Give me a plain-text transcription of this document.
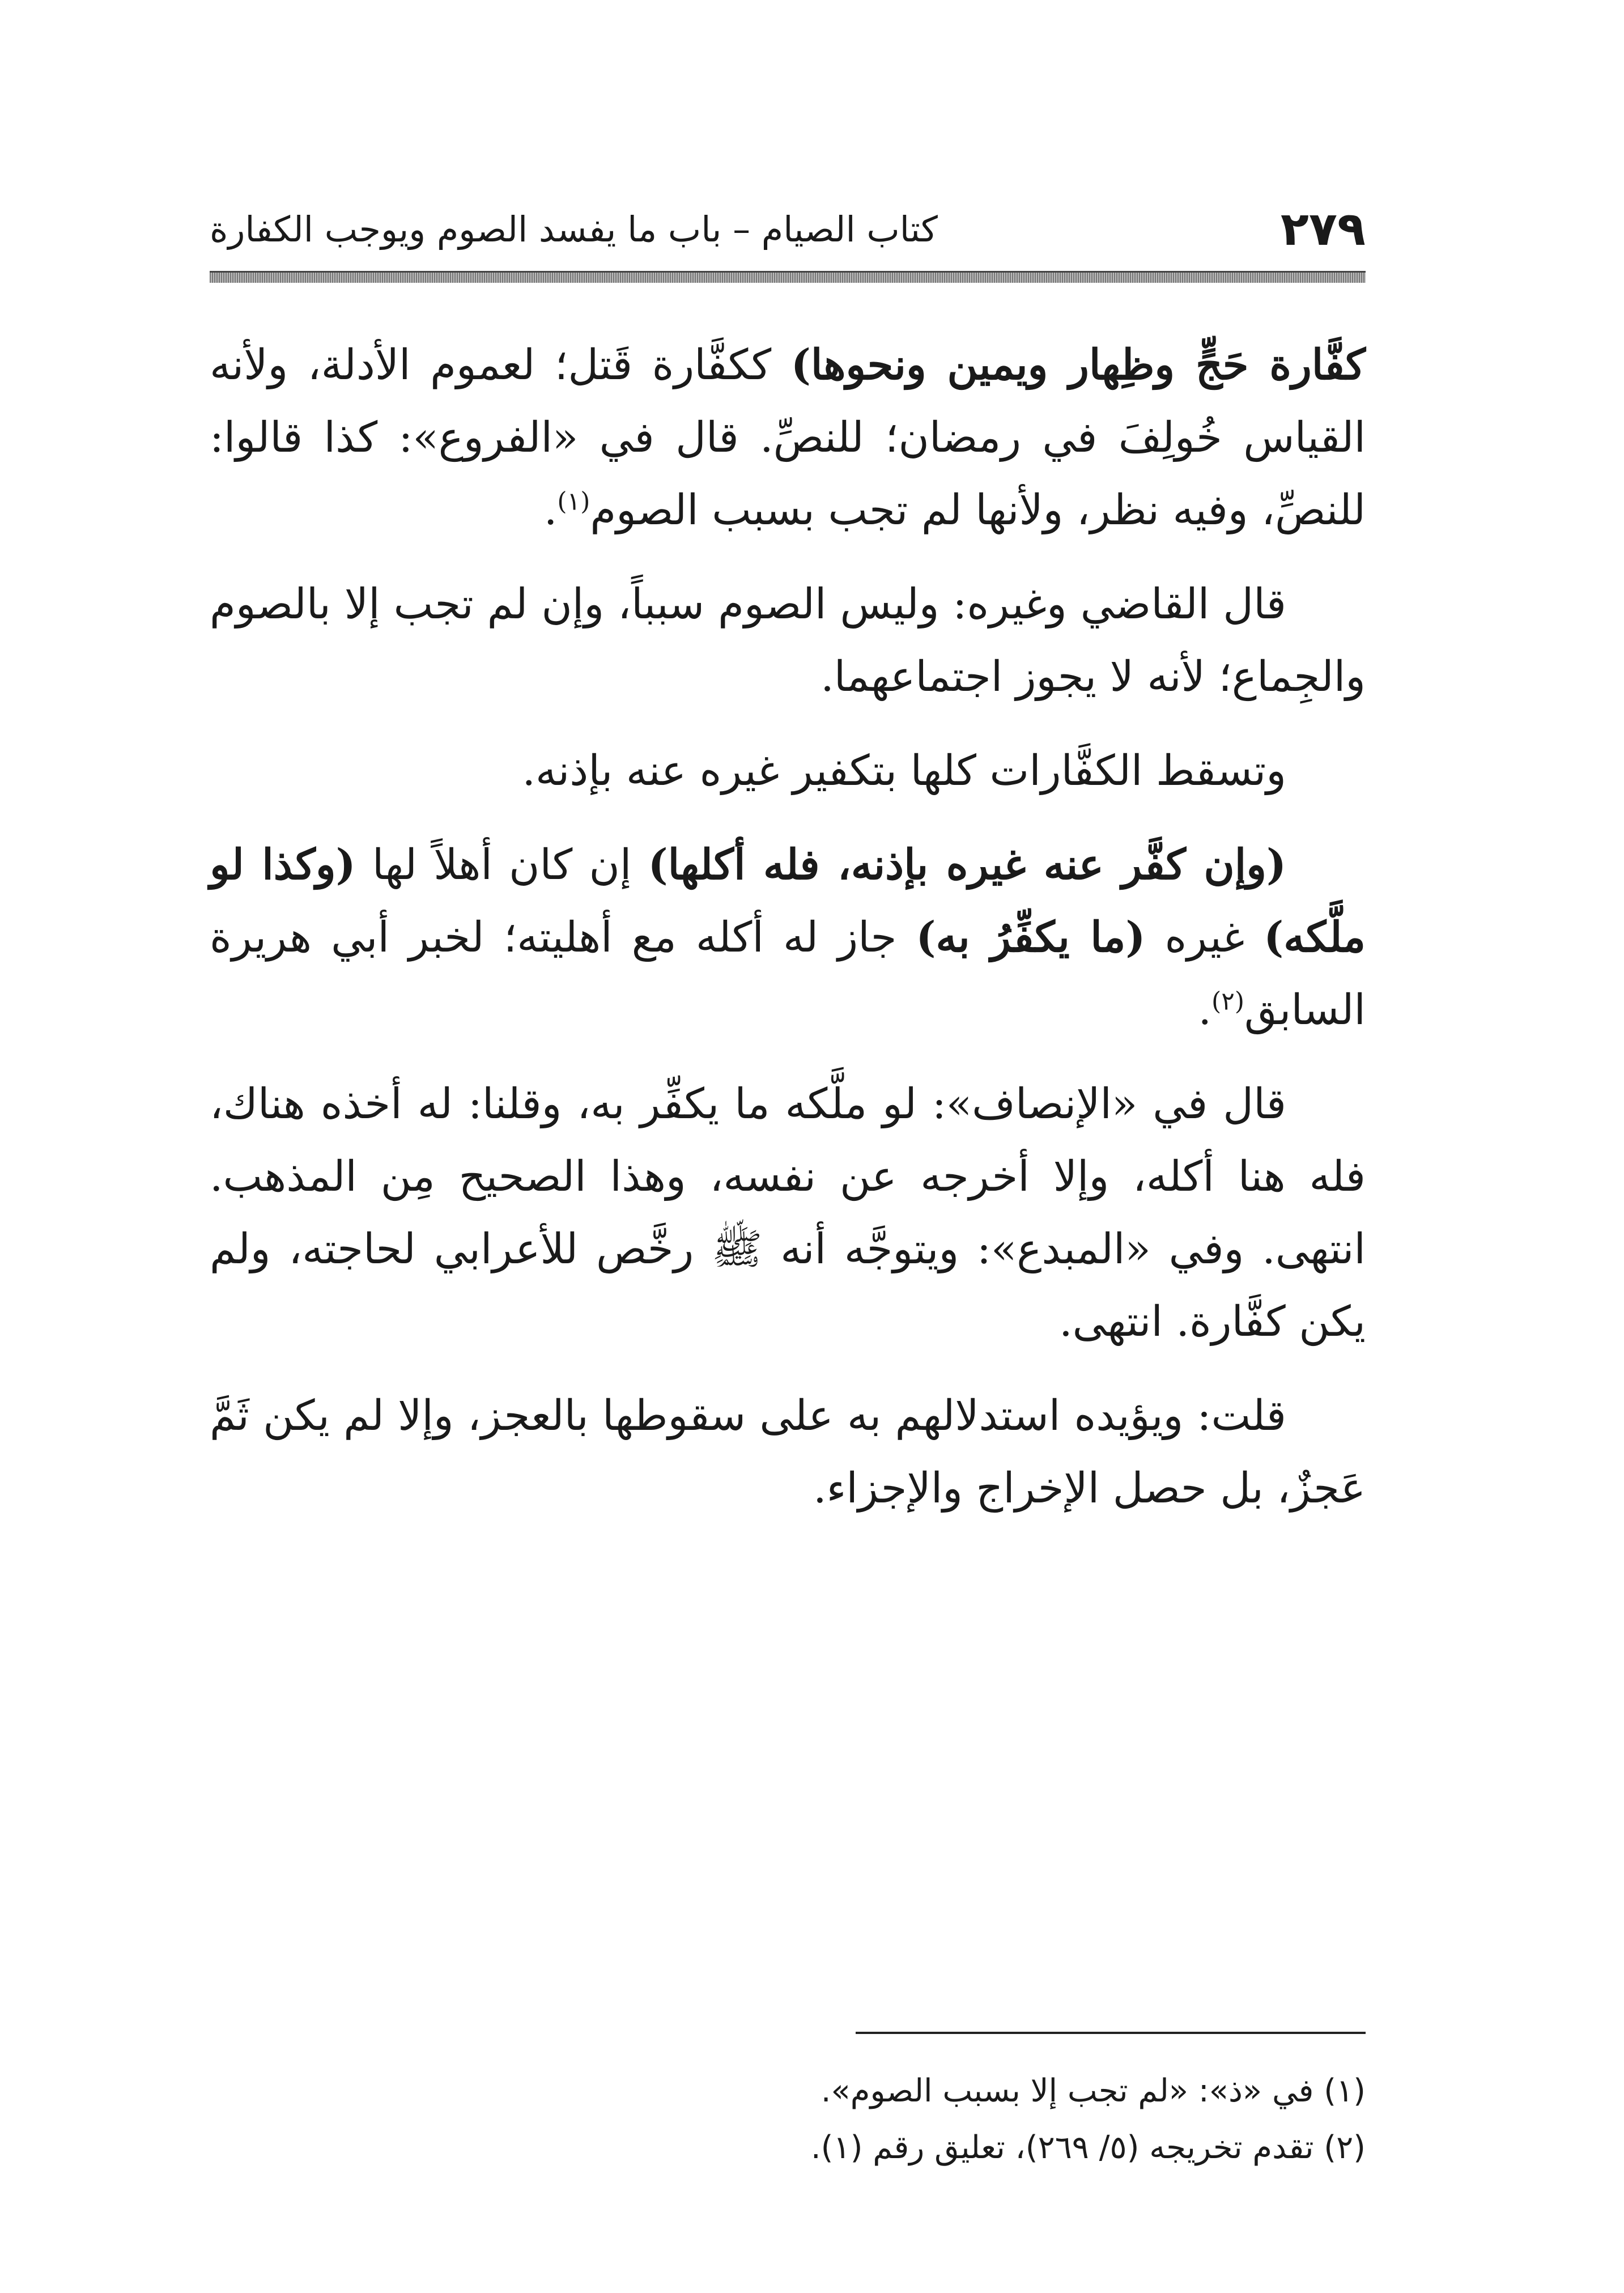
٢٧٩
كتاب الصيام – باب ما يفسد الصوم ويوجب الكفارة

كفَّارة حَجٍّ وظِهار ويمين ونحوها) ككفَّارة قَتل؛ لعموم الأدلة، ولأنه القياس خُولِفَ في رمضان؛ للنصِّ. قال في «الفروع»: كذا قالوا: للنصِّ، وفيه نظر، ولأنها لم تجب بسبب الصوم$^{(١)}$.

قال القاضي وغيره: وليس الصوم سبباً، وإن لم تجب إلا بالصوم والجِماع؛ لأنه لا يجوز اجتماعهما.

وتسقط الكفَّارات كلها بتكفير غيره عنه بإذنه.

(وإن كفَّر عنه غيره بإذنه، فله أكلها) إن كان أهلاً لها (وكذا لو ملَّكه) غيره (ما يكفِّرُ به) جاز له أكله مع أهليته؛ لخبر أبي هريرة السابق$^{(٢)}$.

قال في «الإنصاف»: لو ملَّكه ما يكفِّر به، وقلنا: له أخذه هناك، فله هنا أكله، وإلا أخرجه عن نفسه، وهذا الصحيح مِن المذهب. انتهى. وفي «المبدع»: ويتوجَّه أنه ﷺ رخَّص للأعرابي لحاجته، ولم يكن كفَّارة. انتهى.

قلت: ويؤيده استدلالهم به على سقوطها بالعجز، وإلا لم يكن ثَمَّ عَجزٌ، بل حصل الإخراج والإجزاء.

(١) في «ذ»: «لم تجب إلا بسبب الصوم».

(٢) تقدم تخريجه (٥/ ٢٦٩)، تعليق رقم (١).
